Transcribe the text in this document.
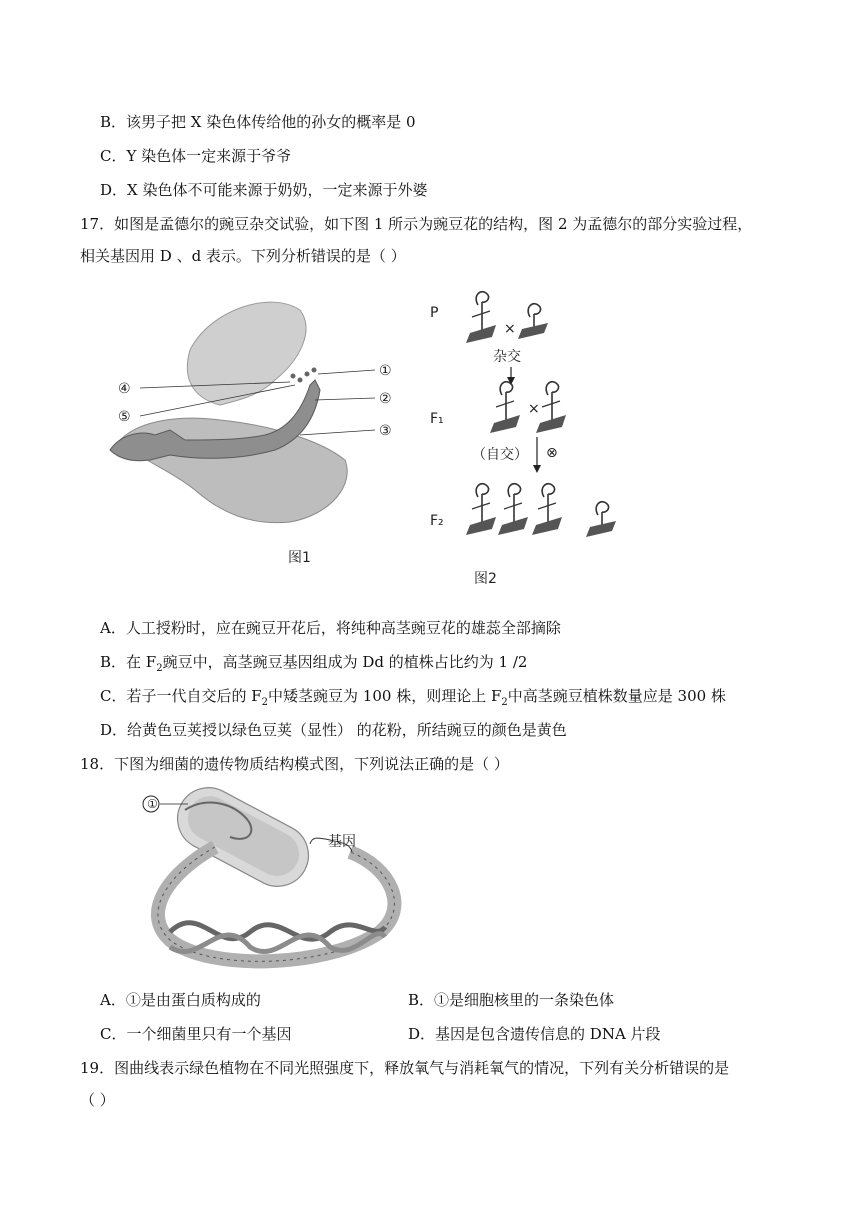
B．该男子把 X 染色体传给他的孙女的概率是 0
C．Y 染色体一定来源于爷爷
D．X 染色体不可能来源于奶奶，一定来源于外婆
17．如图是孟德尔的豌豆杂交试验，如下图 1 所示为豌豆花的结构，图 2 为孟德尔的部分实验过程，
相关基因用 D 、d 表示。下列分析错误的是（ ）
①
②
③
④
⑤
图1
P
×
杂交
F₁
×
（自交） ⊗
F₂
图2
A．人工授粉时，应在豌豆开花后，将纯种高茎豌豆花的雄蕊全部摘除
B．在 $F_2$豌豆中，高茎豌豆基因组成为 Dd 的植株占比约为 1 /2
C．若子一代自交后的 $F_2$中矮茎豌豆为 100 株，则理论上 $F_2$中高茎豌豆植株数量应是 300 株
D．给黄色豆荚授以绿色豆荚（显性） 的花粉，所结豌豆的颜色是黄色
18．下图为细菌的遗传物质结构模式图，下列说法正确的是（ ）
基因
①
A．①是由蛋白质构成的	B．①是细胞核里的一条染色体
C．一个细菌里只有一个基因	D．基因是包含遗传信息的 DNA 片段
19．图曲线表示绿色植物在不同光照强度下，释放氧气与消耗氧气的情况，下列有关分析错误的是
（ ）
